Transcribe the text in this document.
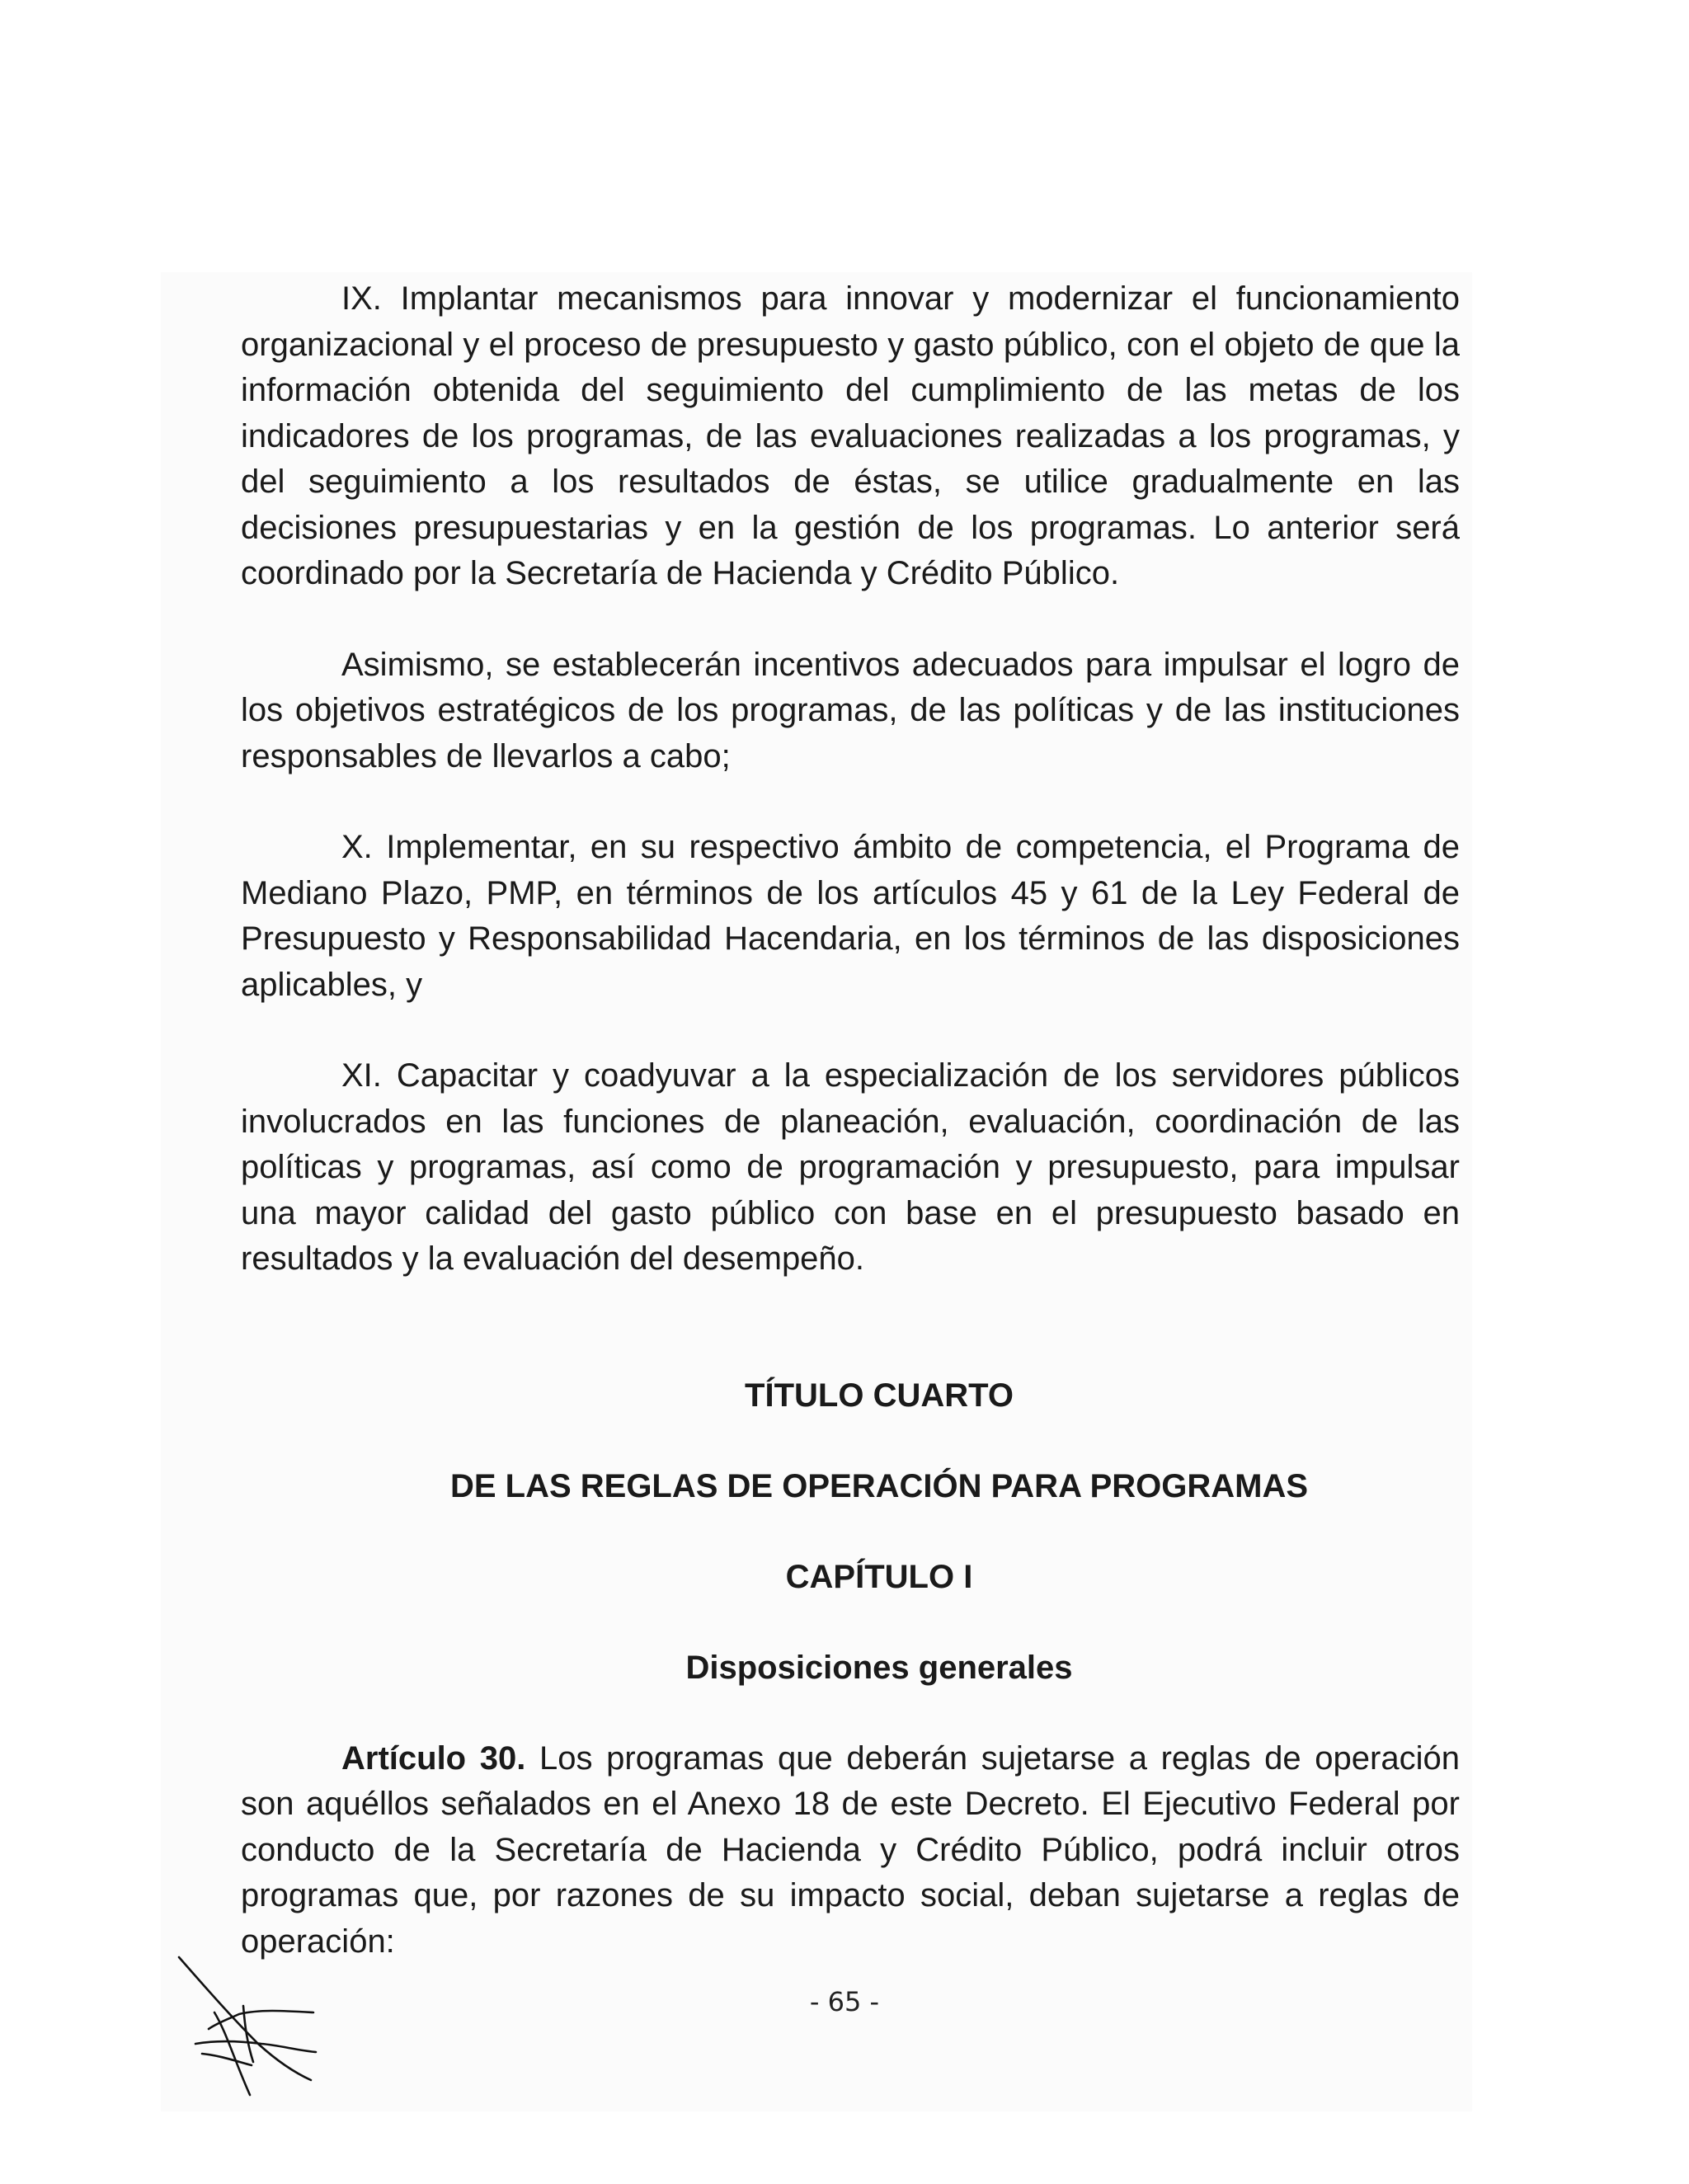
IX. Implantar mecanismos para innovar y modernizar el funcionamiento organizacional y el proceso de presupuesto y gasto público, con el objeto de que la información obtenida del seguimiento del cumplimiento de las metas de los indicadores de los programas, de las evaluaciones realizadas a los programas, y del seguimiento a los resultados de éstas, se utilice gradualmente en las decisiones presupuestarias y en la gestión de los programas. Lo anterior será coordinado por la Secretaría de Hacienda y Crédito Público.

Asimismo, se establecerán incentivos adecuados para impulsar el logro de los objetivos estratégicos de los programas, de las políticas y de las instituciones responsables de llevarlos a cabo;

X. Implementar, en su respectivo ámbito de competencia, el Programa de Mediano Plazo, PMP, en términos de los artículos 45 y 61 de la Ley Federal de Presupuesto y Responsabilidad Hacendaria, en los términos de las disposiciones aplicables, y

XI. Capacitar y coadyuvar a la especialización de los servidores públicos involucrados en las funciones de planeación, evaluación, coordinación de las políticas y programas, así como de programación y presupuesto, para impulsar una mayor calidad del gasto público con base en el presupuesto basado en resultados y la evaluación del desempeño.

TÍTULO CUARTO
DE LAS REGLAS DE OPERACIÓN PARA PROGRAMAS
CAPÍTULO I
Disposiciones generales

Artículo 30. Los programas que deberán sujetarse a reglas de operación son aquéllos señalados en el Anexo 18 de este Decreto. El Ejecutivo Federal por conducto de la Secretaría de Hacienda y Crédito Público, podrá incluir otros programas que, por razones de su impacto social, deban sujetarse a reglas de operación:

- 65 -
